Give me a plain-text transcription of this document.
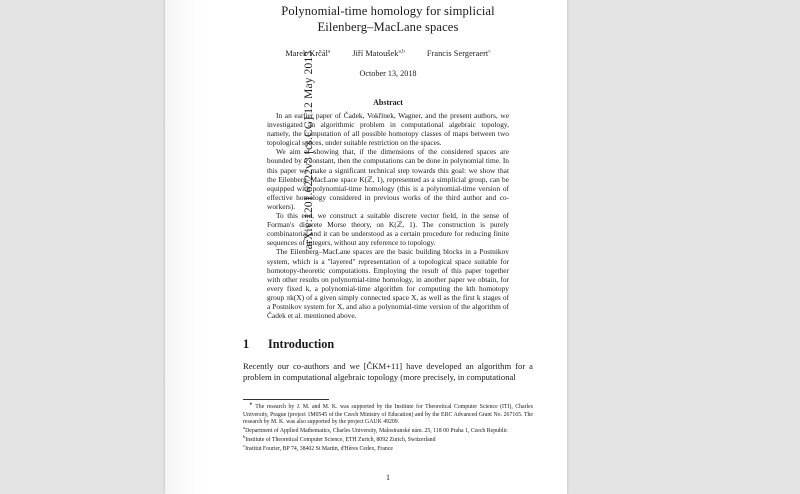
arXiv:1201.6222v3 [cs.CG] 12 May 2013
Polynomial-time homology for simplicial
Eilenberg–MacLane spaces
Marek Krčál$^a$	Jiří Matoušek$^{a,b}$	Francis Sergeraert$^c$
October 13, 2018
Abstract

In an earlier paper of Čadek, Vokřínek, Wagner, and the present authors, we investigated an algorithmic problem in computational algebraic topology, namely, the computation of all possible homotopy classes of maps between two topological spaces, under suitable restriction on the spaces.

We aim at showing that, if the dimensions of the considered spaces are bounded by a constant, then the computations can be done in polynomial time. In this paper we make a significant technical step towards this goal: we show that the Eilenberg–MacLane space K(ℤ, 1), represented as a simplicial group, can be equipped with polynomial-time homology (this is a polynomial-time version of effective homology considered in previous works of the third author and co-workers).

To this end, we construct a suitable discrete vector field, in the sense of Forman's discrete Morse theory, on K(ℤ, 1). The construction is purely combinatorial and it can be understood as a certain procedure for reducing finite sequences of integers, without any reference to topology.

The Eilenberg–MacLane spaces are the basic building blocks in a Postnikov system, which is a "layered" representation of a topological space suitable for homotopy-theoretic computations. Employing the result of this paper together with other results on polynomial-time homology, in another paper we obtain, for every fixed k, a polynomial-time algorithm for computing the kth homotopy group πk(X) of a given simply connected space X, as well as the first k stages of a Postnikov system for X, and also a polynomial-time version of the algorithm of Čadek et al. mentioned above.

1	Introduction

Recently our co-authors and we [ČKM+11] have developed an algorithm for a problem in computational algebraic topology (more precisely, in computational

∗ The research by J. M. and M. K. was supported by the Institute for Theoretical Computer Science (ITI), Charles University, Prague (project 1M0545 of the Czech Ministry of Education) and by the ERC Advanced Grant No. 267165. The research by M. K. was also supported by the project GAUK 49209.

$^a$Department of Applied Mathematics, Charles University, Malostranské nám. 25, 118 00 Praha 1, Czech Republic

$^b$Institute of Theoretical Computer Science, ETH Zurich, 8092 Zurich, Switzerland

$^c$Institut Fourier, BP 74, 38402 St Martin, d'Hères Cedex, France

1
